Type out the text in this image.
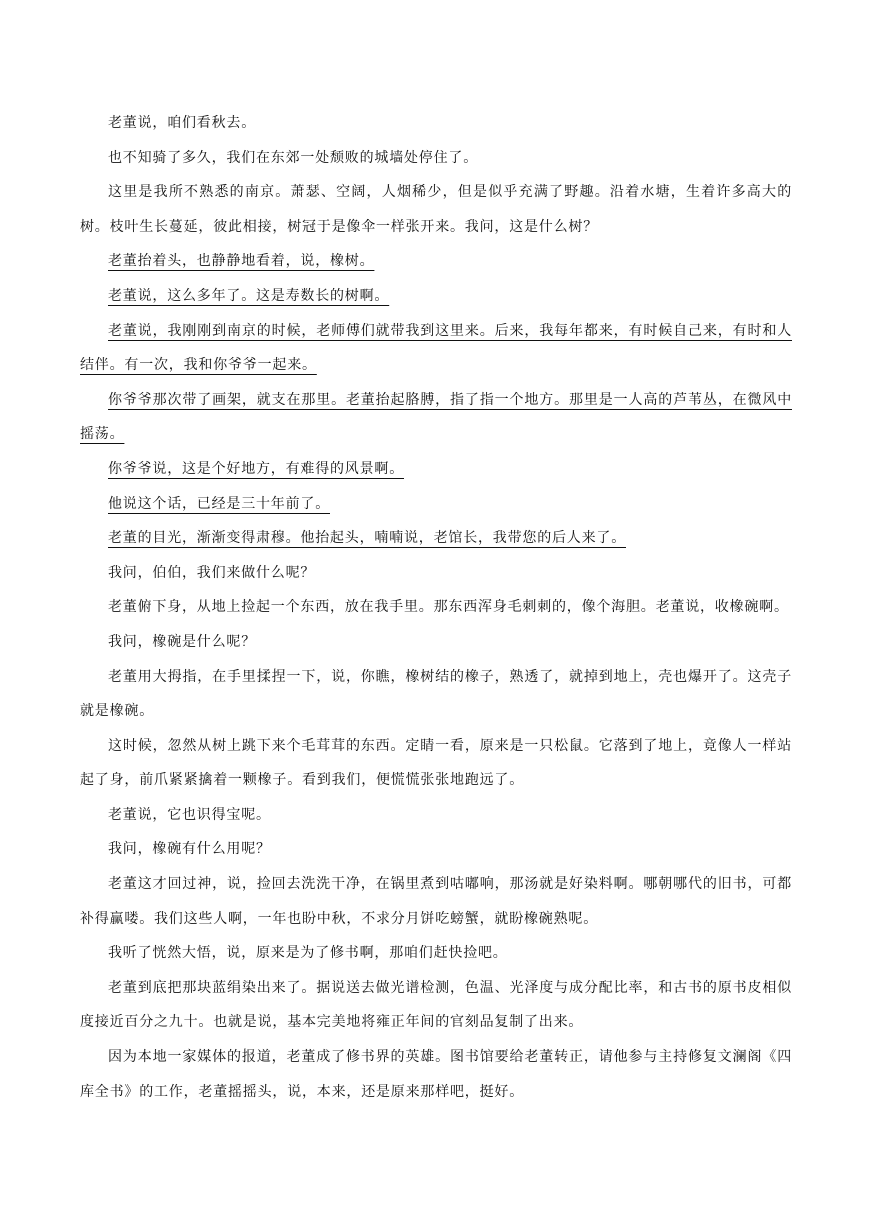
老董说，咱们看秋去。

也不知骑了多久，我们在东郊一处颓败的城墙处停住了。

这里是我所不熟悉的南京。萧瑟、空阔，人烟稀少，但是似乎充满了野趣。沿着水塘，生着许多高大的树。枝叶生长蔓延，彼此相接，树冠于是像伞一样张开来。我问，这是什么树？

老董抬着头，也静静地看着，说，橡树。

老董说，这么多年了。这是寿数长的树啊。

老董说，我刚刚到南京的时候，老师傅们就带我到这里来。后来，我每年都来，有时候自己来，有时和人结伴。有一次，我和你爷爷一起来。

你爷爷那次带了画架，就支在那里。老董抬起胳膊，指了指一个地方。那里是一人高的芦苇丛，在微风中摇荡。

你爷爷说，这是个好地方，有难得的风景啊。

他说这个话，已经是三十年前了。

老董的目光，渐渐变得肃穆。他抬起头，喃喃说，老馆长，我带您的后人来了。

我问，伯伯，我们来做什么呢？

老董俯下身，从地上捡起一个东西，放在我手里。那东西浑身毛刺刺的，像个海胆。老董说，收橡碗啊。

我问，橡碗是什么呢？

老董用大拇指，在手里揉捏一下，说，你瞧，橡树结的橡子，熟透了，就掉到地上，壳也爆开了。这壳子就是橡碗。

这时候，忽然从树上跳下来个毛茸茸的东西。定睛一看，原来是一只松鼠。它落到了地上，竟像人一样站起了身，前爪紧紧擒着一颗橡子。看到我们，便慌慌张张地跑远了。

老董说，它也识得宝呢。

我问，橡碗有什么用呢？

老董这才回过神，说，捡回去洗洗干净，在锅里煮到咕嘟响，那汤就是好染料啊。哪朝哪代的旧书，可都补得赢喽。我们这些人啊，一年也盼中秋，不求分月饼吃螃蟹，就盼橡碗熟呢。

我听了恍然大悟，说，原来是为了修书啊，那咱们赶快捡吧。

老董到底把那块蓝绢染出来了。据说送去做光谱检测，色温、光泽度与成分配比率，和古书的原书皮相似度接近百分之九十。也就是说，基本完美地将雍正年间的官刻品复制了出来。

因为本地一家媒体的报道，老董成了修书界的英雄。图书馆要给老董转正，请他参与主持修复文澜阁《四库全书》的工作，老董摇摇头，说，本来，还是原来那样吧，挺好。
